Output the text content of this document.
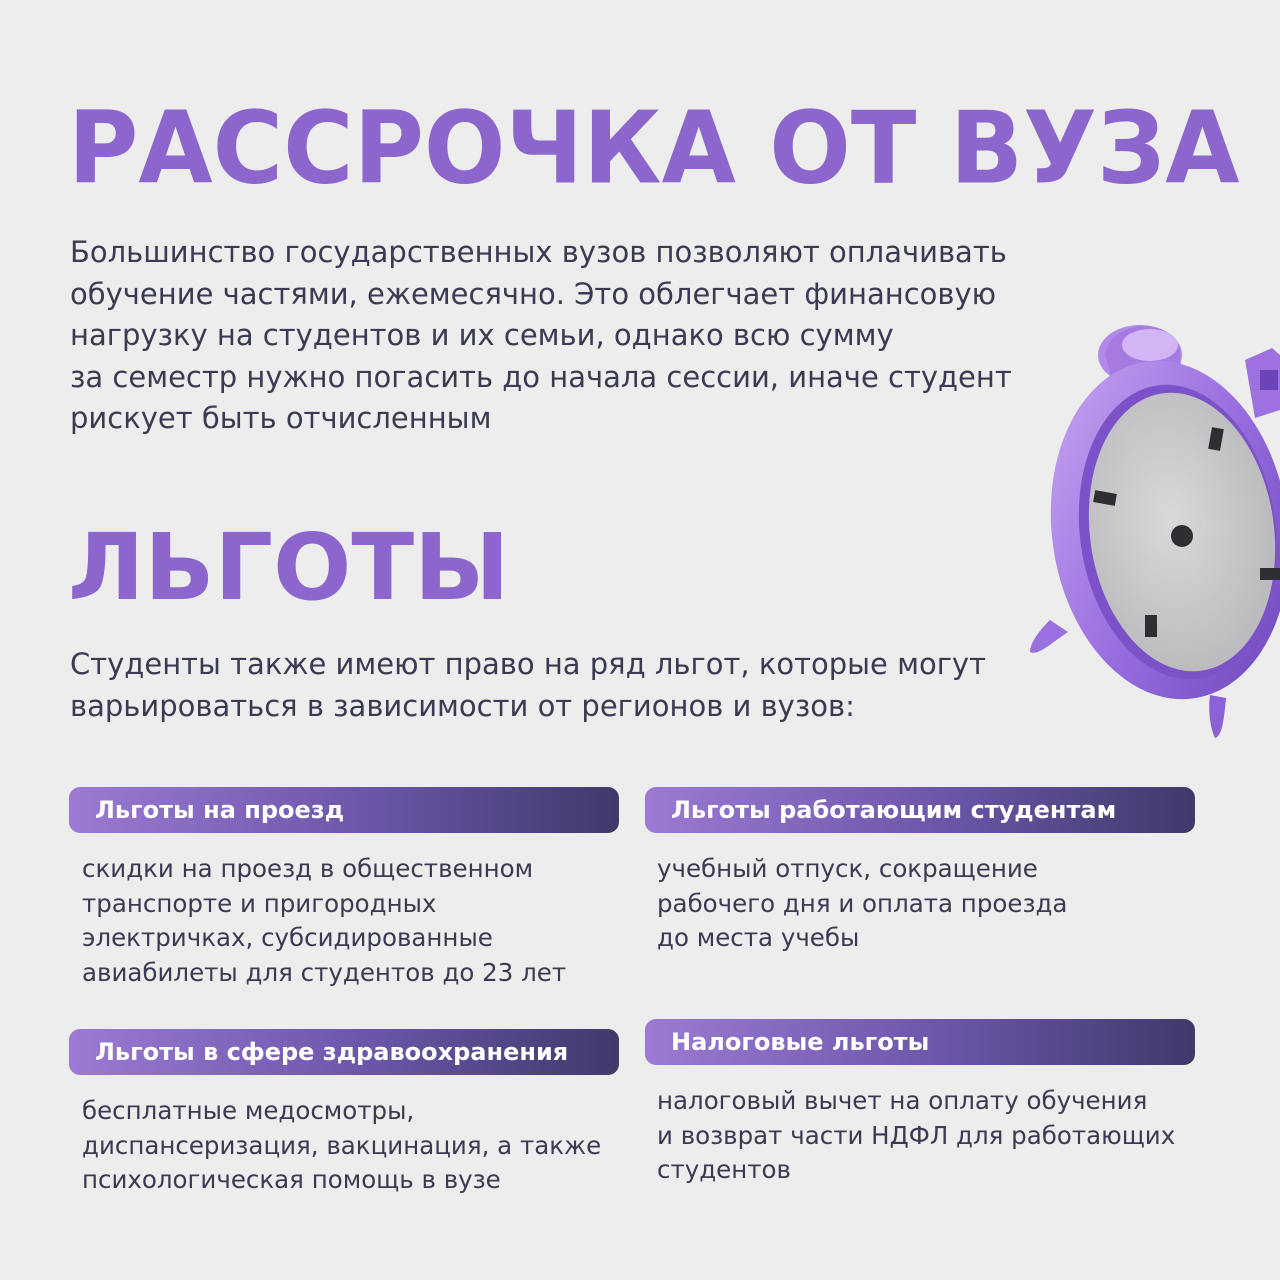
РАССРОЧКА ОТ ВУЗА

Большинство государственных вузов позволяют оплачивать
обучение частями, ежемесячно. Это облегчает финансовую
нагрузку на студентов и их семьи, однако всю сумму
за семестр нужно погасить до начала сессии, иначе студент
рискует быть отчисленным

ЛЬГОТЫ

Студенты также имеют право на ряд льгот, которые могут
варьироваться в зависимости от регионов и вузов:

Льготы на проезд

скидки на проезд в общественном
транспорте и пригородных
электричках, субсидированные
авиабилеты для студентов до 23 лет

Льготы работающим студентам

учебный отпуск, сокращение
рабочего дня и оплата проезда
до места учебы

Льготы в сфере здравоохранения

бесплатные медосмотры,
диспансеризация, вакцинация, а также
психологическая помощь в вузе

Налоговые льготы

налоговый вычет на оплату обучения
и возврат части НДФЛ для работающих
студентов
